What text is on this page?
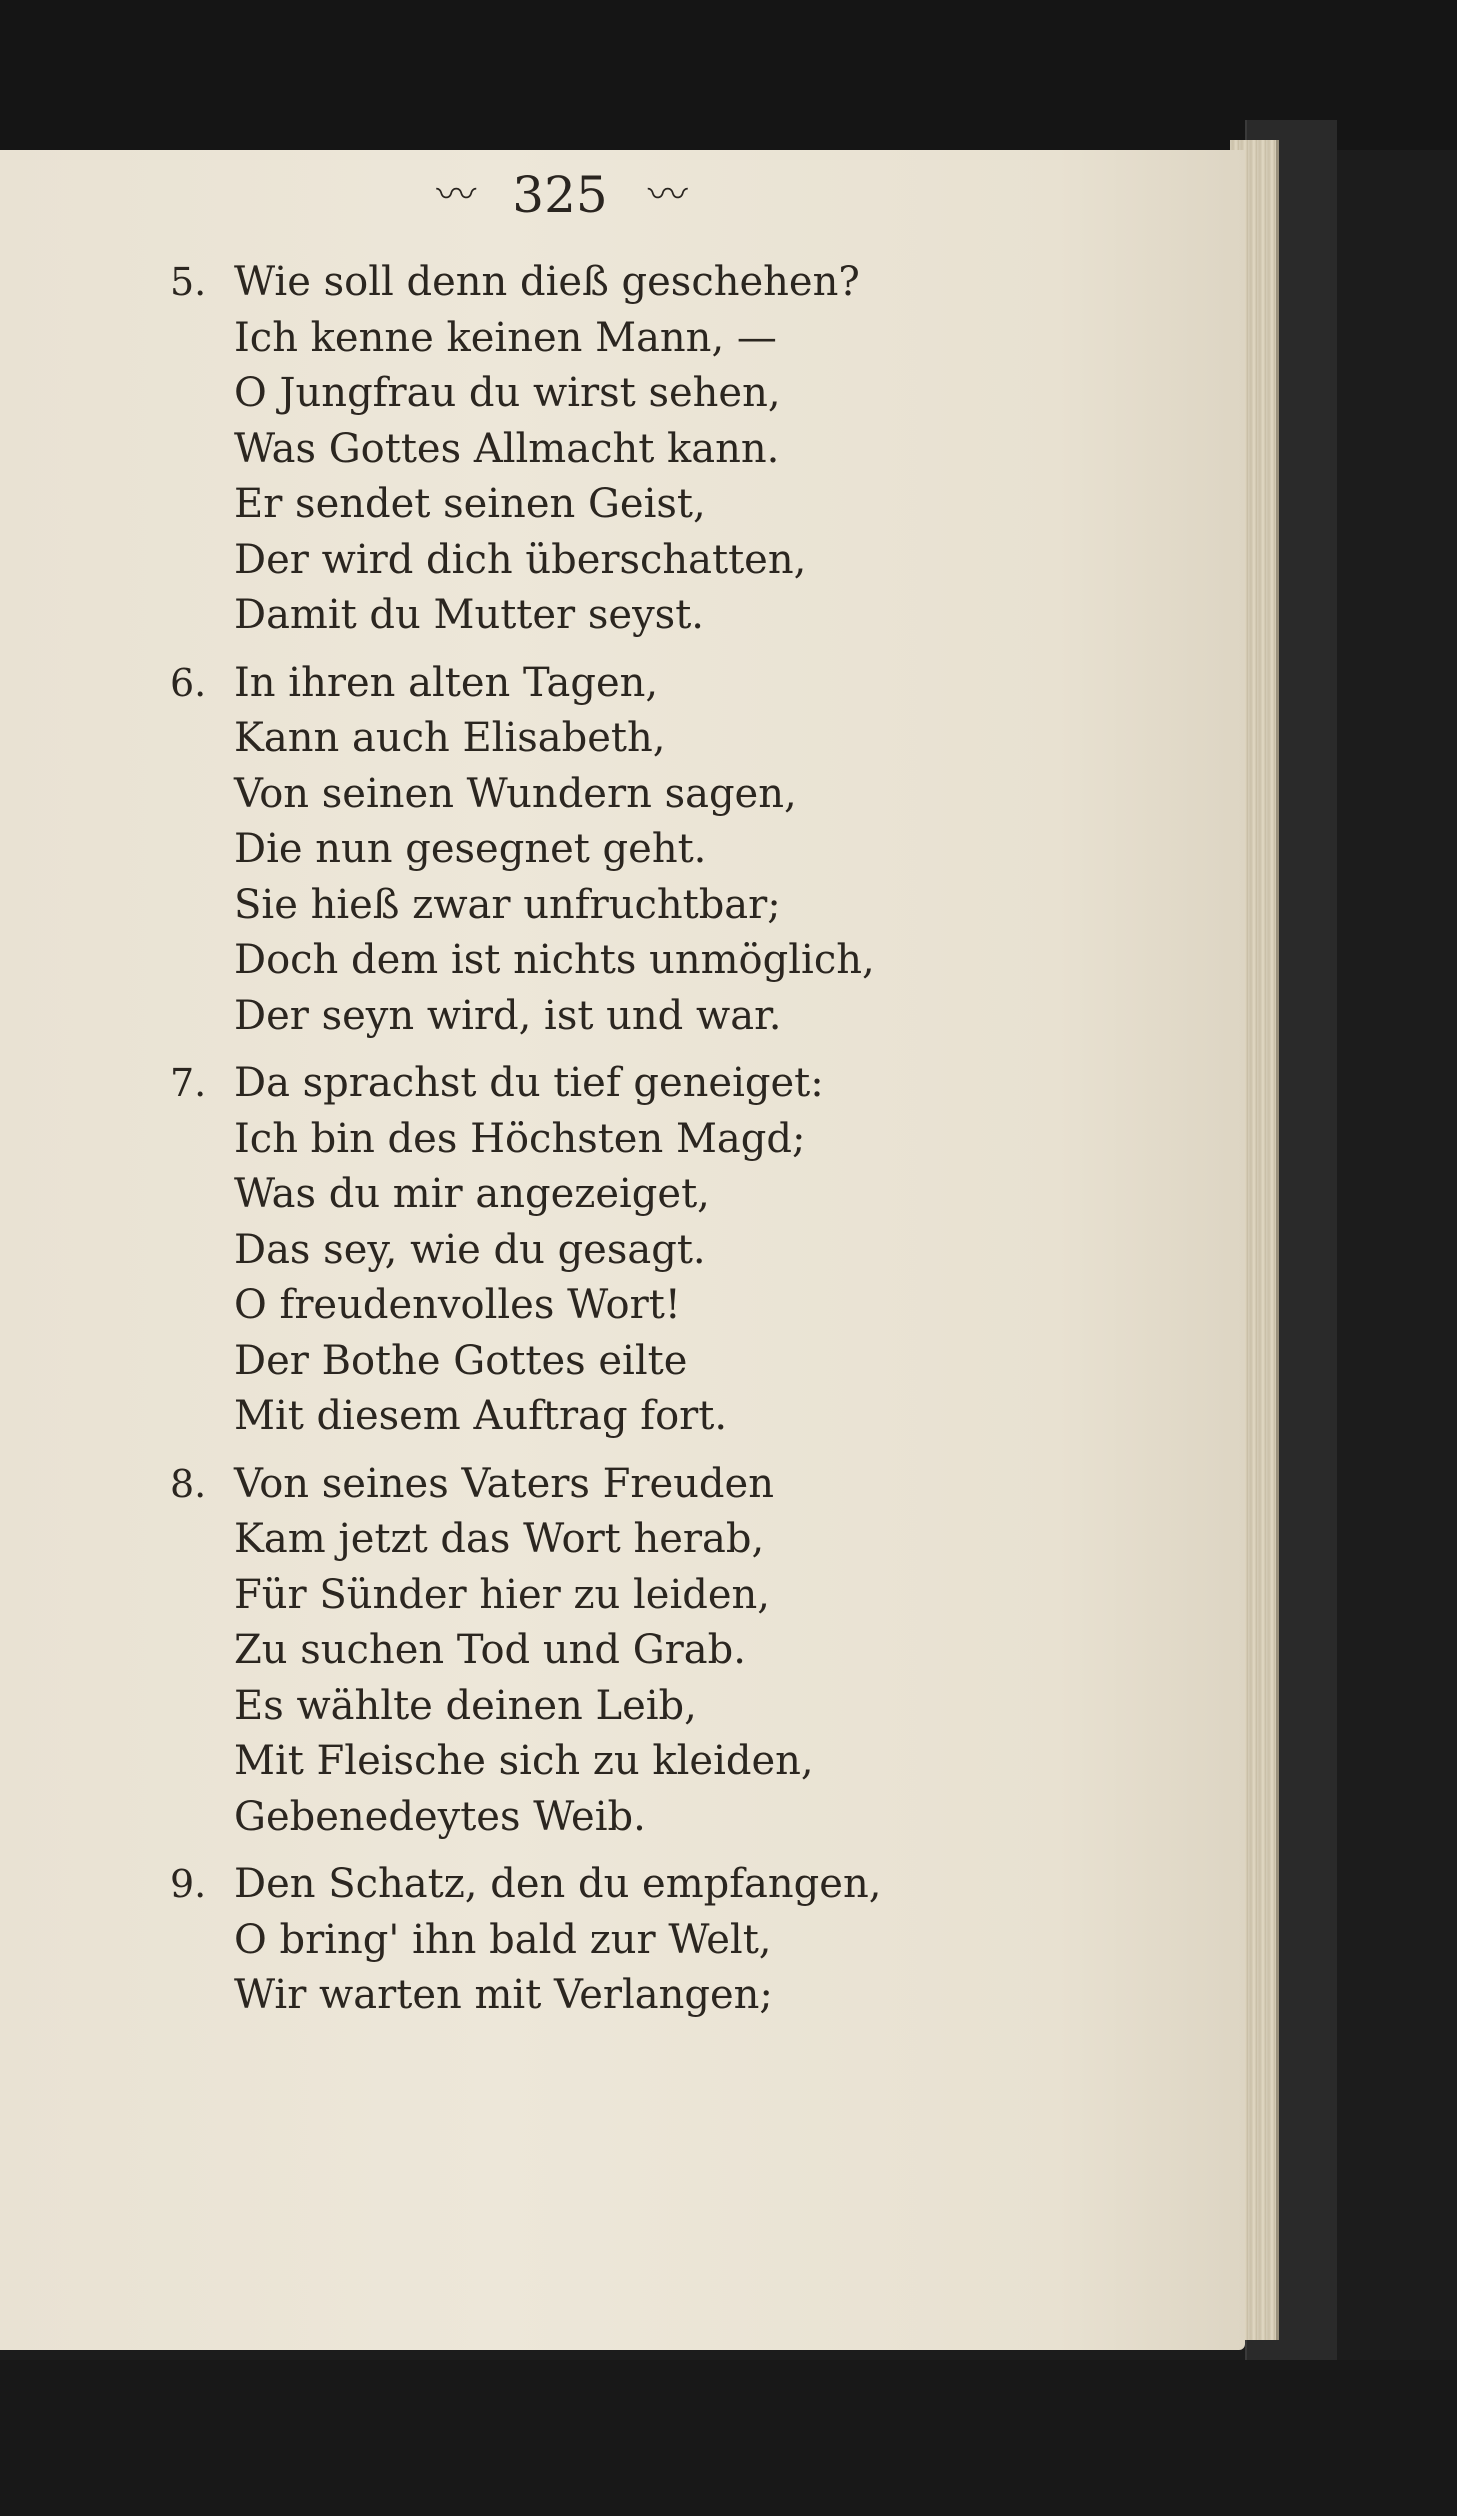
〰 325 〰
5. Wie soll denn dieß geschehen?
Ich kenne keinen Mann, —
O Jungfrau du wirst sehen,
Was Gottes Allmacht kann.
Er sendet seinen Geist,
Der wird dich überschatten,
Damit du Mutter seyst.
6. In ihren alten Tagen,
Kann auch Elisabeth,
Von seinen Wundern sagen,
Die nun gesegnet geht.
Sie hieß zwar unfruchtbar;
Doch dem ist nichts unmöglich,
Der seyn wird, ist und war.
7. Da sprachst du tief geneiget:
Ich bin des Höchsten Magd;
Was du mir angezeiget,
Das sey, wie du gesagt.
O freudenvolles Wort!
Der Bothe Gottes eilte
Mit diesem Auftrag fort.
8. Von seines Vaters Freuden
Kam jetzt das Wort herab,
Für Sünder hier zu leiden,
Zu suchen Tod und Grab.
Es wählte deinen Leib,
Mit Fleische sich zu kleiden,
Gebenedeytes Weib.
9. Den Schatz, den du empfangen,
O bring' ihn bald zur Welt,
Wir warten mit Verlangen;
